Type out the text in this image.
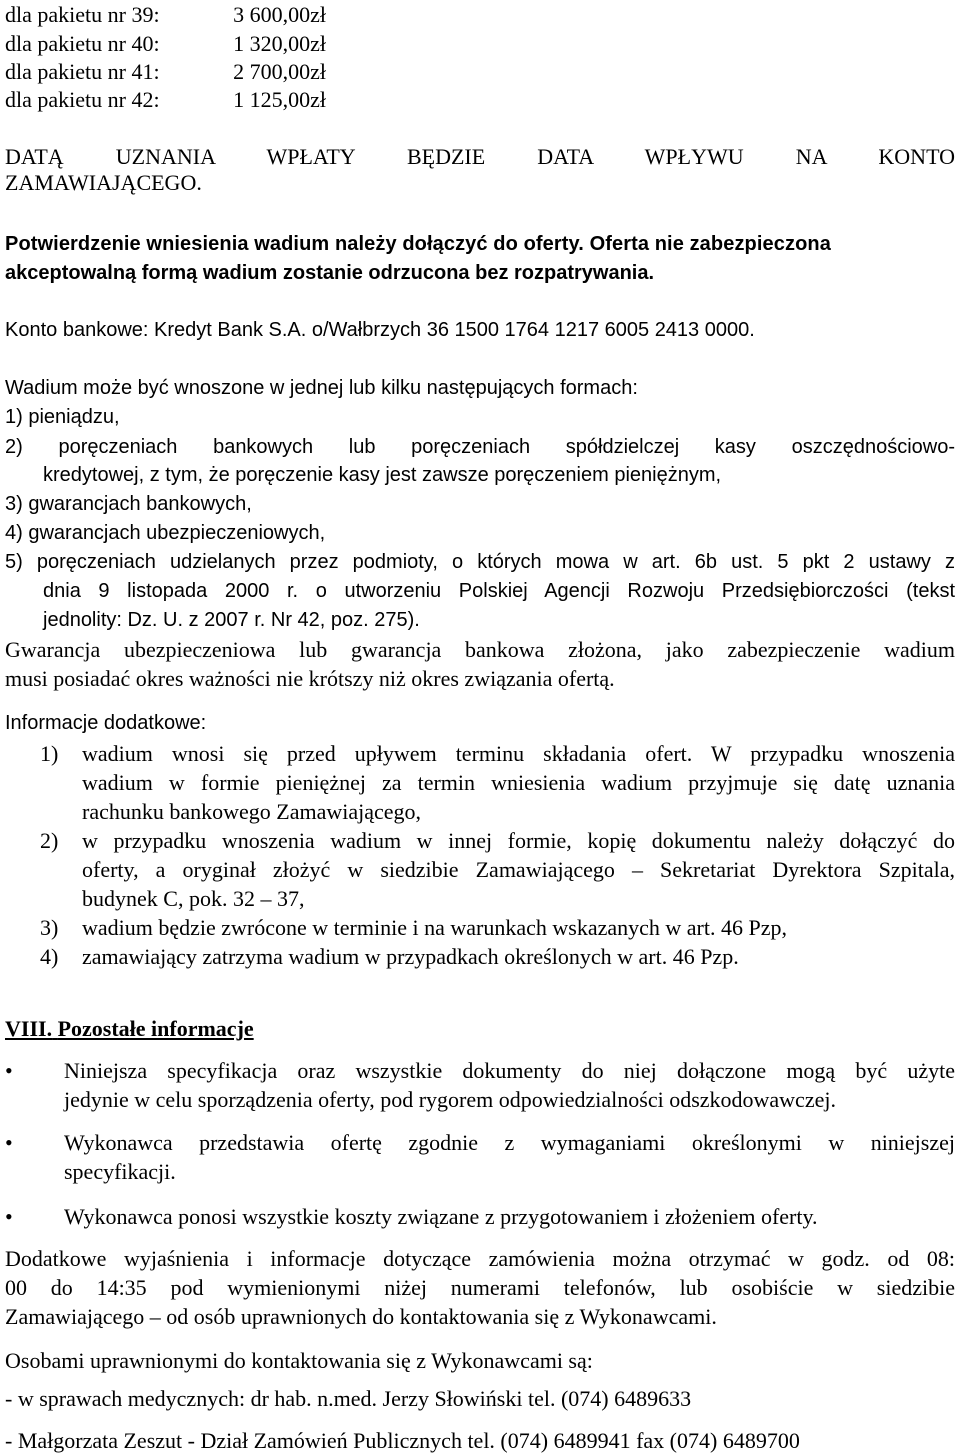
dla pakietu nr 39:	3 600,00zł
dla pakietu nr 40:	1 320,00zł
dla pakietu nr 41:	2 700,00zł
dla pakietu nr 42:	1 125,00zł
DATĄ UZNANIA WPŁATY BĘDZIE DATA WPŁYWU NA KONTO
ZAMAWIAJĄCEGO.
Potwierdzenie wniesienia wadium należy dołączyć do oferty. Oferta nie zabezpieczona
akceptowalną formą wadium zostanie odrzucona bez rozpatrywania.
Konto bankowe: Kredyt Bank S.A. o/Wałbrzych 36 1500 1764 1217 6005 2413 0000.
Wadium może być wnoszone w jednej lub kilku następujących formach:
1) pieniądzu,
2) poręczeniach bankowych lub poręczeniach spółdzielczej kasy oszczędnościowo-
kredytowej, z tym, że poręczenie kasy jest zawsze poręczeniem pieniężnym,
3) gwarancjach bankowych,
4) gwarancjach ubezpieczeniowych,
5) poręczeniach udzielanych przez podmioty, o których mowa w art. 6b ust. 5 pkt 2 ustawy z
dnia 9 listopada 2000 r. o utworzeniu Polskiej Agencji Rozwoju Przedsiębiorczości (tekst
jednolity: Dz. U. z 2007 r. Nr 42, poz. 275).
Gwarancja ubezpieczeniowa lub gwarancja bankowa złożona, jako zabezpieczenie wadium
musi posiadać okres ważności nie krótszy niż okres związania ofertą.
Informacje dodatkowe:
1) wadium wnosi się przed upływem terminu składania ofert. W przypadku wnoszenia
wadium w formie pieniężnej za termin wniesienia wadium przyjmuje się datę uznania
rachunku bankowego Zamawiającego,
2) w przypadku wnoszenia wadium w innej formie, kopię dokumentu należy dołączyć do
oferty, a oryginał złożyć w siedzibie Zamawiającego – Sekretariat Dyrektora Szpitala,
budynek C, pok. 32 – 37,
3) wadium będzie zwrócone w terminie i na warunkach wskazanych w art. 46 Pzp,
4) zamawiający zatrzyma wadium w przypadkach określonych w art. 46 Pzp.
VIII. Pozostałe informacje
• Niniejsza specyfikacja oraz wszystkie dokumenty do niej dołączone mogą być użyte
jedynie w celu sporządzenia oferty, pod rygorem odpowiedzialności odszkodowawczej.
• Wykonawca przedstawia ofertę zgodnie z wymaganiami określonymi w niniejszej
specyfikacji.
• Wykonawca ponosi wszystkie koszty związane z przygotowaniem i złożeniem oferty.
Dodatkowe wyjaśnienia i informacje dotyczące zamówienia można otrzymać w godz. od 08:
00 do 14:35 pod wymienionymi niżej numerami telefonów, lub osobiście w siedzibie
Zamawiającego – od osób uprawnionych do kontaktowania się z Wykonawcami.
Osobami uprawnionymi do kontaktowania się z Wykonawcami są:
- w sprawach medycznych: dr hab. n.med. Jerzy Słowiński tel. (074) 6489633
- Małgorzata Zeszut - Dział Zamówień Publicznych tel. (074) 6489941 fax (074) 6489700
